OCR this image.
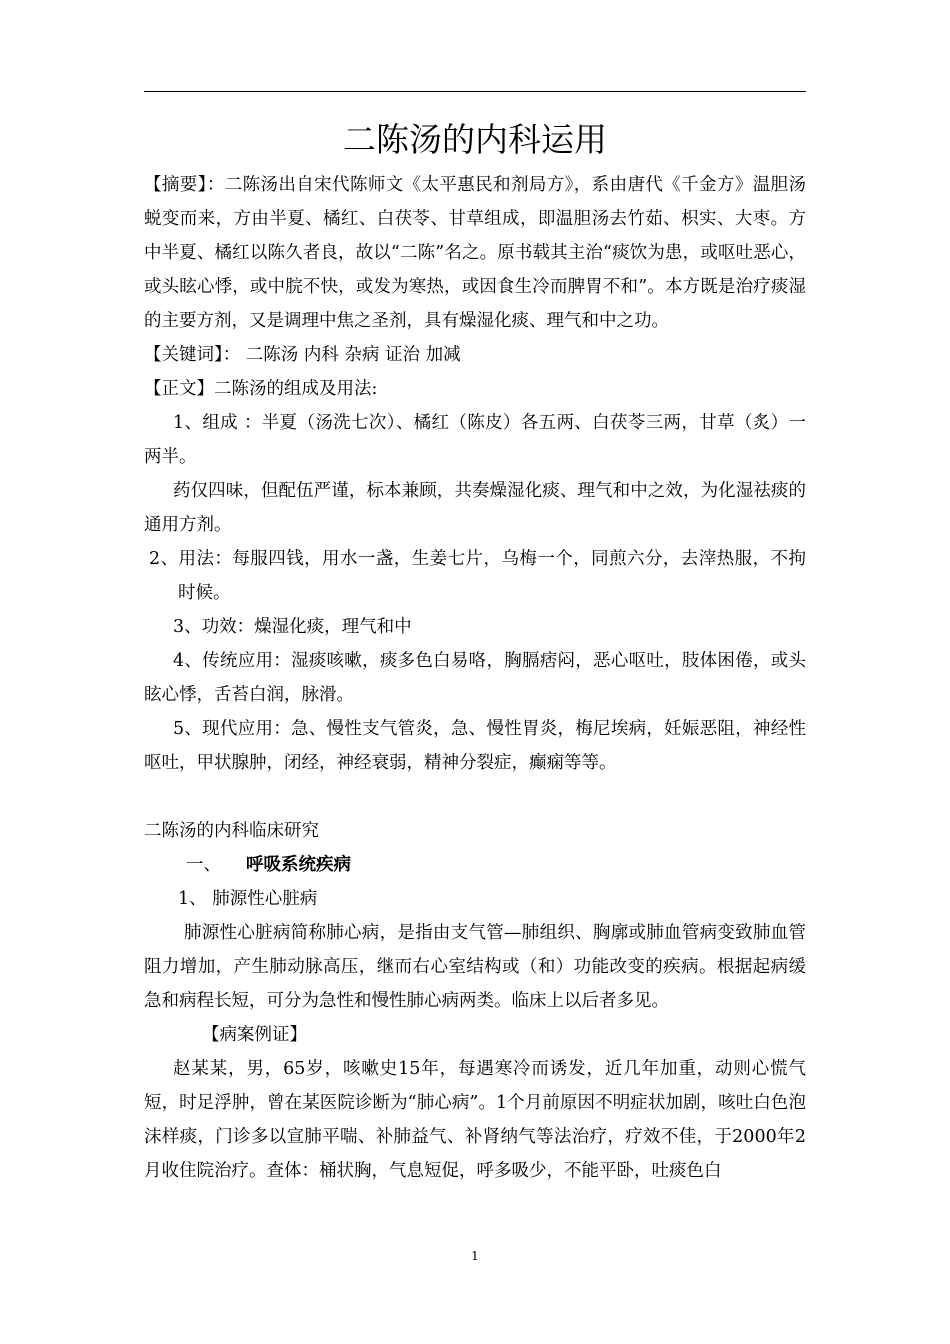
二陈汤的内科运用

【摘要】：二陈汤出自宋代陈师文《太平惠民和剂局方》，系由唐代《千金方》温胆汤蜕变而来，方由半夏、橘红、白茯苓、甘草组成，即温胆汤去竹茹、枳实、大枣。方中半夏、橘红以陈久者良，故以“二陈”名之。原书载其主治“痰饮为患，或呕吐恶心，或头眩心悸，或中脘不快，或发为寒热，或因食生冷而脾胃不和”。本方既是治疗痰湿的主要方剂，又是调理中焦之圣剂，具有燥湿化痰、理气和中之功。

【关键词】： 二陈汤 内科 杂病 证治 加减

【正文】二陈汤的组成及用法:

1、组成 ：半夏（汤洗七次）、橘红（陈皮）各五两、白茯苓三两，甘草（炙）一两半。

药仅四味，但配伍严谨，标本兼顾，共奏燥湿化痰、理气和中之效，为化湿祛痰的通用方剂。

2、用法：每服四钱，用水一盏，生姜七片，乌梅一个，同煎六分，去滓热服，不拘时候。

3、功效：燥湿化痰，理气和中

4、传统应用：湿痰咳嗽，痰多色白易咯，胸膈痞闷，恶心呕吐，肢体困倦，或头眩心悸，舌苔白润，脉滑。

5、现代应用：急、慢性支气管炎，急、慢性胃炎，梅尼埃病，妊娠恶阻，神经性呕吐，甲状腺肿，闭经，神经衰弱，精神分裂症，癫痫等等。

二陈汤的内科临床研究

一、 呼吸系统疾病

1、 肺源性心脏病

肺源性心脏病简称肺心病，是指由支气管—肺组织、胸廓或肺血管病变致肺血管阻力增加，产生肺动脉高压，继而右心室结构或（和）功能改变的疾病。根据起病缓急和病程长短，可分为急性和慢性肺心病两类。临床上以后者多见。

【病案例证】

赵某某，男，65岁，咳嗽史15年，每遇寒冷而诱发，近几年加重，动则心慌气短，时足浮肿，曾在某医院诊断为“肺心病”。1个月前原因不明症状加剧，咳吐白色泡沫样痰，门诊多以宣肺平喘、补肺益气、补肾纳气等法治疗，疗效不佳，于2000年2月收住院治疗。查体：桶状胸，气息短促，呼多吸少，不能平卧，吐痰色白

1
